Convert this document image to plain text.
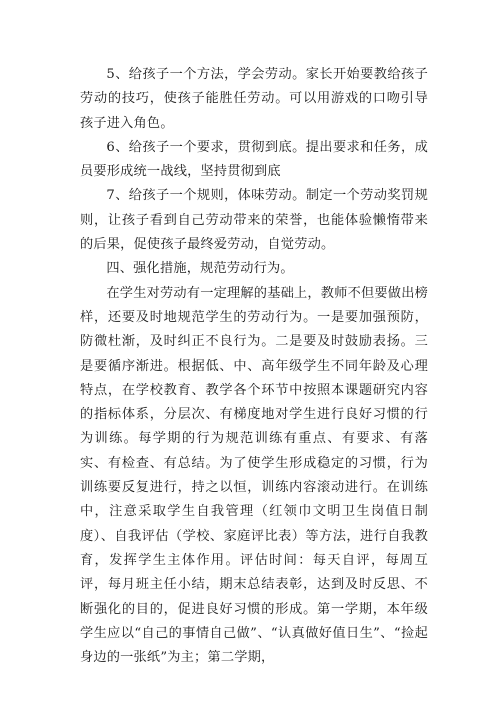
5、给孩子一个方法，学会劳动。家长开始要教给孩子劳动的技巧，使孩子能胜任劳动。可以用游戏的口吻引导孩子进入角色。

6、给孩子一个要求，贯彻到底。提出要求和任务，成员要形成统一战线，坚持贯彻到底

7、给孩子一个规则，体味劳动。制定一个劳动奖罚规则，让孩子看到自己劳动带来的荣誉，也能体验懒惰带来的后果，促使孩子最终爱劳动，自觉劳动。

四、强化措施，规范劳动行为。

在学生对劳动有一定理解的基础上，教师不但要做出榜样，还要及时地规范学生的劳动行为。一是要加强预防，防微杜渐，及时纠正不良行为。二是要及时鼓励表扬。三是要循序渐进。根据低、中、高年级学生不同年龄及心理特点，在学校教育、教学各个环节中按照本课题研究内容的指标体系，分层次、有梯度地对学生进行良好习惯的行为训练。每学期的行为规范训练有重点、有要求、有落实、有检查、有总结。为了使学生形成稳定的习惯，行为训练要反复进行，持之以恒，训练内容滚动进行。在训练中，注意采取学生自我管理（红领巾文明卫生岗值日制度）、自我评估（学校、家庭评比表）等方法，进行自我教育，发挥学生主体作用。评估时间：每天自评，每周互评，每月班主任小结，期末总结表彰，达到及时反思、不断强化的目的，促进良好习惯的形成。第一学期，本年级学生应以“自己的事情自己做”、“认真做好值日生”、“捡起身边的一张纸”为主；第二学期，
